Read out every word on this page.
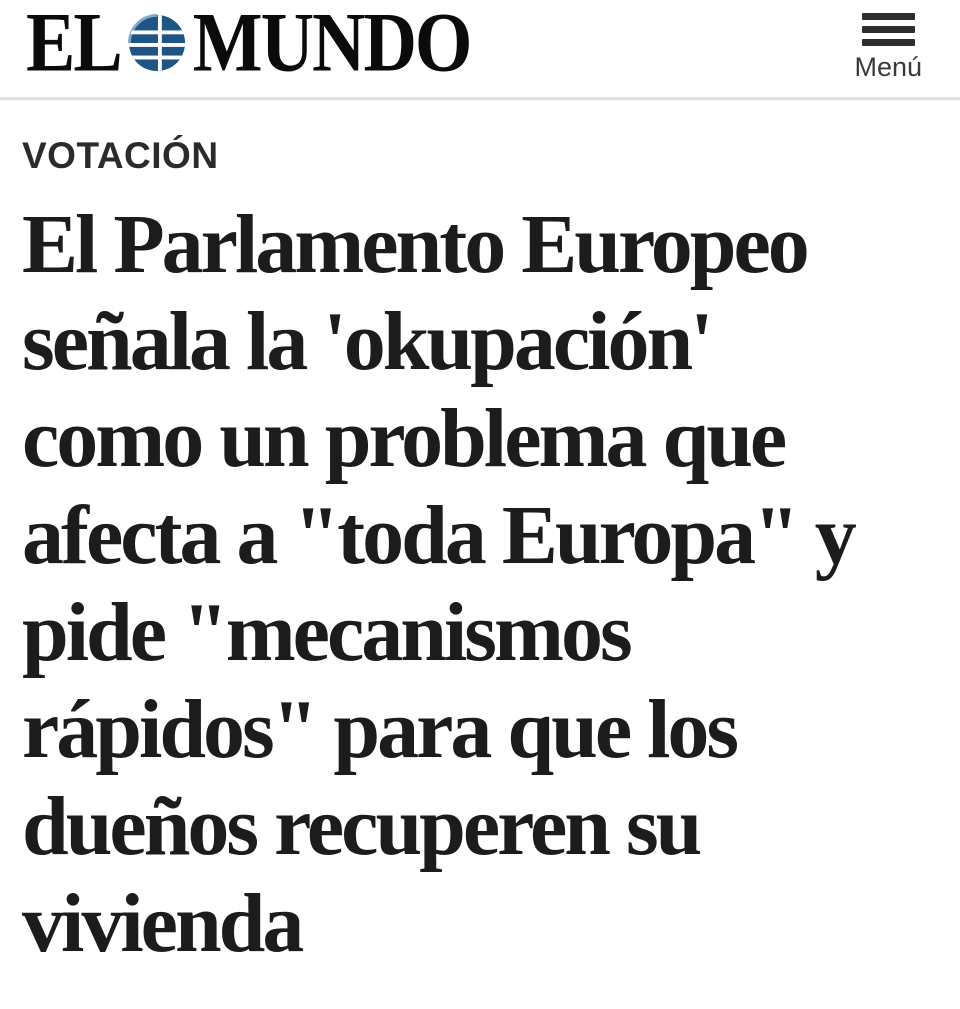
EL MUNDO	Menú
VOTACIÓN
El Parlamento Europeo
señala la 'okupación'
como un problema que
afecta a "toda Europa" y
pide "mecanismos
rápidos" para que los
dueños recuperen su
vivienda
